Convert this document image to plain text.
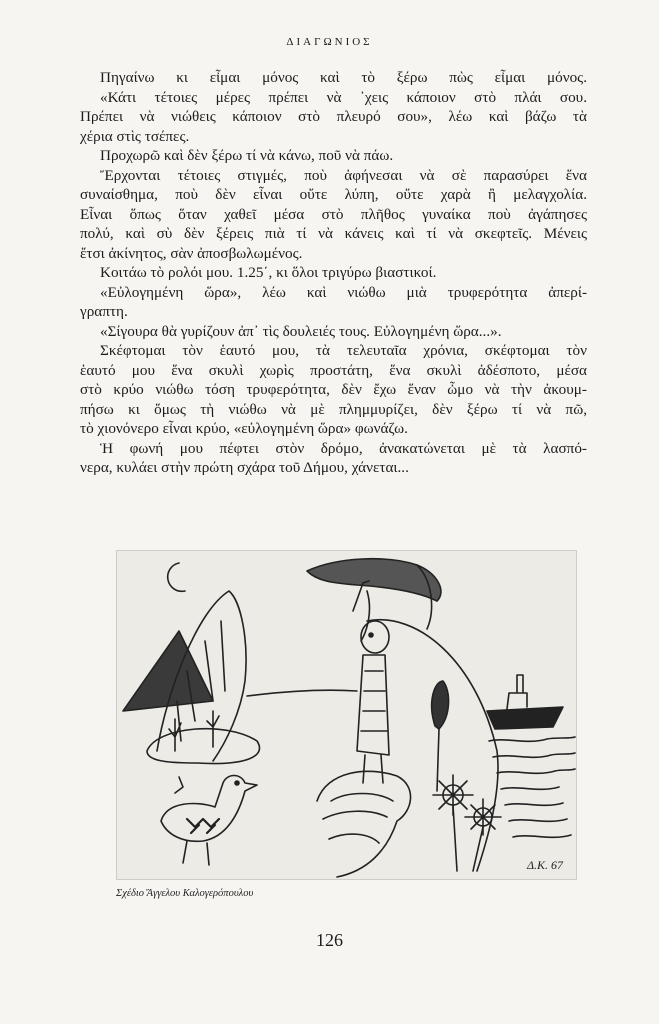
ΔΙΑΓΩΝΙΟΣ
Πηγαίνω κι εἶμαι μόνος καὶ τὸ ξέρω πὼς εἶμαι μόνος.
«Κάτι τέτοιες μέρες πρέπει νὰ ᾽χεις κάποιον στὸ πλάι σου.
Πρέπει νὰ νιώθεις κάποιον στὸ πλευρό σου», λέω καὶ βάζω τὰ
χέρια στὶς τσέπες.
Προχωρῶ καὶ δὲν ξέρω τί νὰ κάνω, ποῦ νὰ πάω.
Ἔρχονται τέτοιες στιγμές, ποὺ ἀφήνεσαι νὰ σὲ παρασύρει ἕνα
συναίσθημα, ποὺ δὲν εἶναι οὔτε λύπη, οὔτε χαρὰ ἢ μελαγχολία.
Εἶναι ὅπως ὅταν χαθεῖ μέσα στὸ πλῆθος γυναίκα ποὺ ἀγάπησες
πολύ, καὶ σὺ δὲν ξέρεις πιὰ τί νὰ κάνεις καὶ τί νὰ σκεφτεῖς. Μένεις
ἔτσι ἀκίνητος, σὰν ἀποσβωλωμένος.
Κοιτάω τὸ ρολόι μου. 1.25΄, κι ὅλοι τριγύρω βιαστικοί.
«Εὐλογημένη ὥρα», λέω καὶ νιώθω μιὰ τρυφερότητα ἀπερί-
γραπτη.
«Σίγουρα θὰ γυρίζουν ἀπ᾽ τὶς δουλειές τους. Εὐλογημένη ὥρα...».
Σκέφτομαι τὸν ἑαυτό μου, τὰ τελευταῖα χρόνια, σκέφτομαι τὸν
ἑαυτό μου ἕνα σκυλὶ χωρὶς προστάτη, ἕνα σκυλὶ ἀδέσποτο, μέσα
στὸ κρύο νιώθω τόση τρυφερότητα, δὲν ἔχω ἕναν ὦμο νὰ τὴν ἀκουμ-
πήσω κι ὅμως τὴ νιώθω νὰ μὲ πλημμυρίζει, δὲν ξέρω τί νὰ πῶ,
τὸ χιονόνερο εἶναι κρύο, «εὐλογημένη ὥρα» φωνάζω.
Ἡ φωνή μου πέφτει στὸν δρόμο, ἀνακατώνεται μὲ τὰ λασπό-
νερα, κυλάει στὴν πρώτη σχάρα τοῦ Δήμου, χάνεται...
Δ.Κ. 67
Σχέδιο Ἄγγελου Καλογερόπουλου
126
